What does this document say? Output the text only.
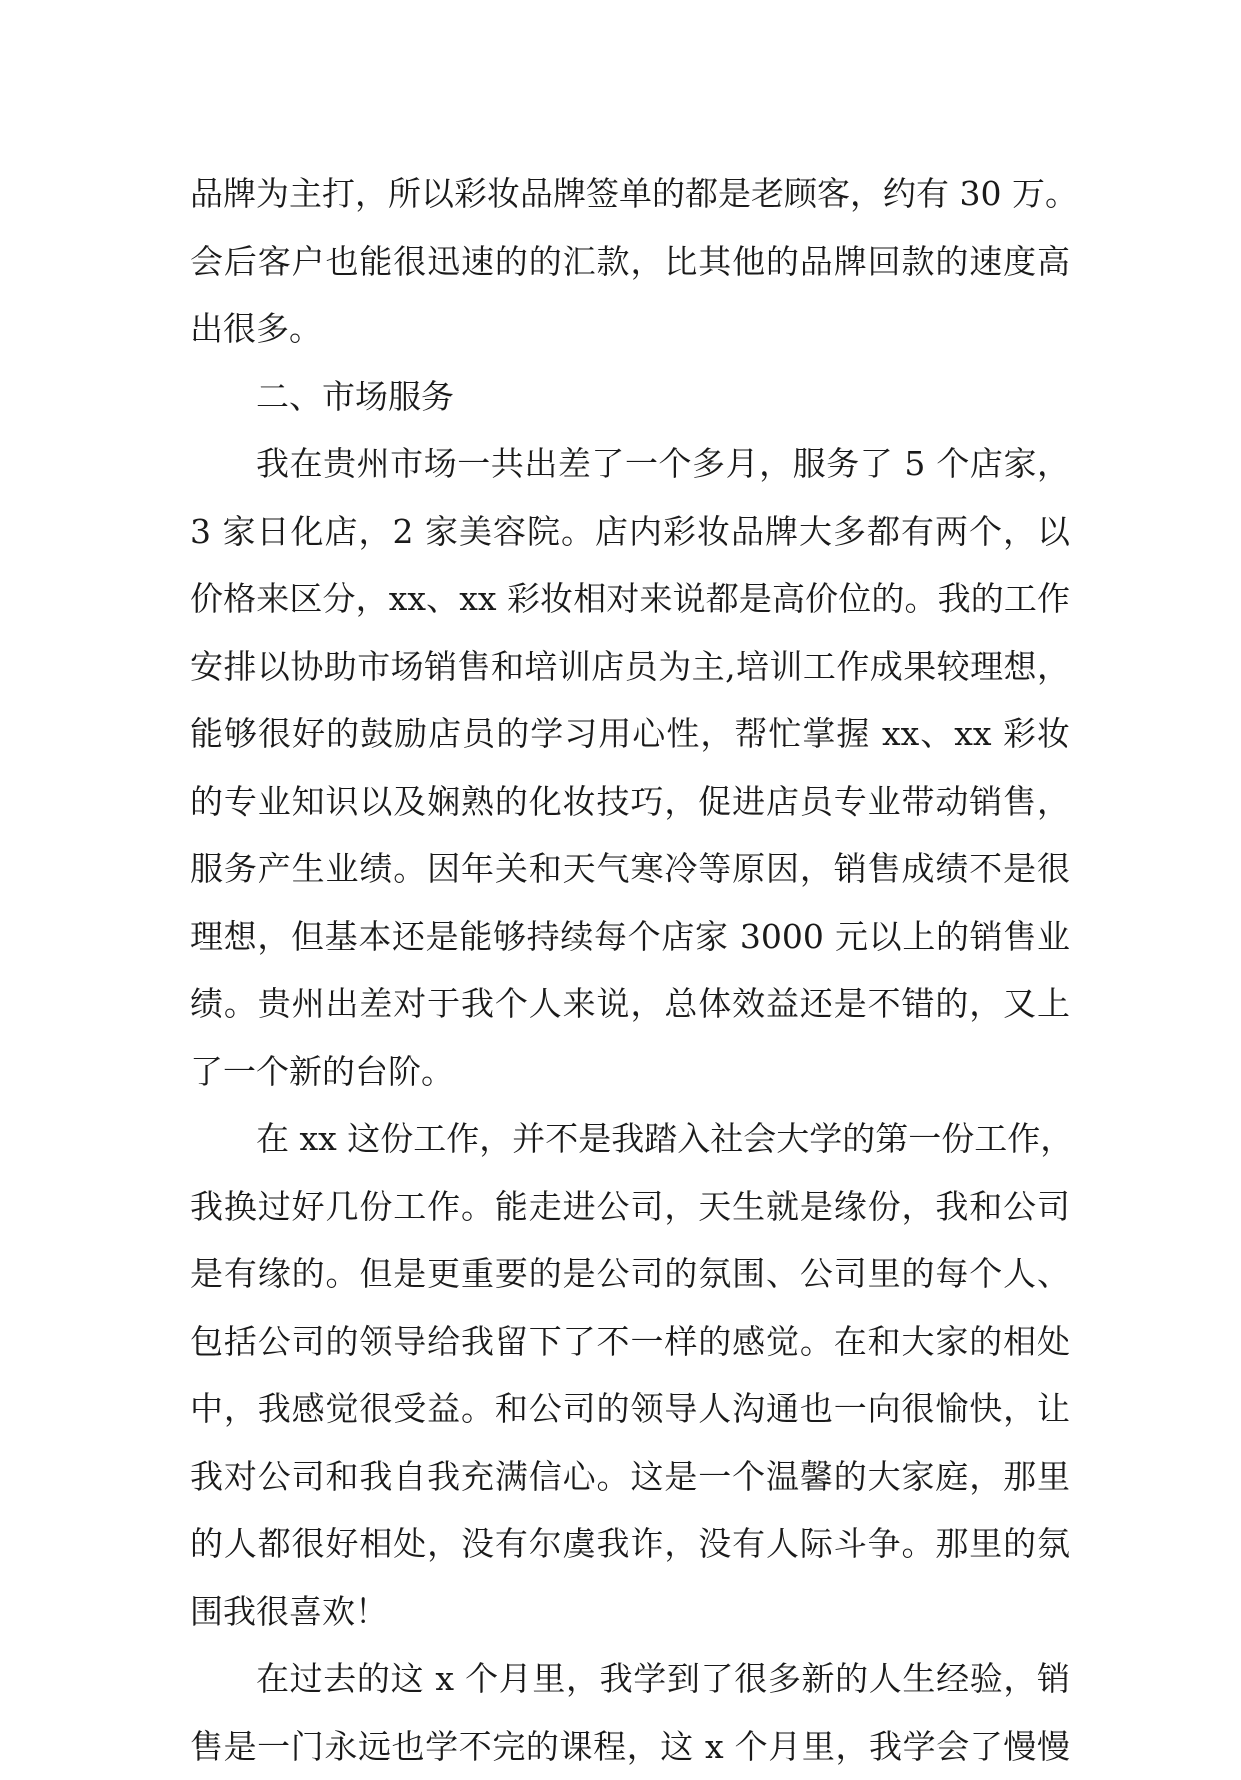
品牌为主打，所以彩妆品牌签单的都是老顾客，约有 30 万。
会后客户也能很迅速的的汇款，比其他的品牌回款的速度高
出很多。
二、市场服务
我在贵州市场一共出差了一个多月，服务了 5 个店家，
3 家日化店，2 家美容院。店内彩妆品牌大多都有两个，以
价格来区分，xx、xx 彩妆相对来说都是高价位的。我的工作
安排以协助市场销售和培训店员为主,培训工作成果较理想，
能够很好的鼓励店员的学习用心性，帮忙掌握 xx、xx 彩妆
的专业知识以及娴熟的化妆技巧，促进店员专业带动销售，
服务产生业绩。因年关和天气寒冷等原因，销售成绩不是很
理想，但基本还是能够持续每个店家 3000 元以上的销售业
绩。贵州出差对于我个人来说，总体效益还是不错的，又上
了一个新的台阶。
在 xx 这份工作，并不是我踏入社会大学的第一份工作，
我换过好几份工作。能走进公司，天生就是缘份，我和公司
是有缘的。但是更重要的是公司的氛围、公司里的每个人、
包括公司的领导给我留下了不一样的感觉。在和大家的相处
中，我感觉很受益。和公司的领导人沟通也一向很愉快，让
我对公司和我自我充满信心。这是一个温馨的大家庭，那里
的人都很好相处，没有尔虞我诈，没有人际斗争。那里的氛
围我很喜欢！
在过去的这 x 个月里，我学到了很多新的人生经验，销
售是一门永远也学不完的课程，这 x 个月里，我学会了慢慢
